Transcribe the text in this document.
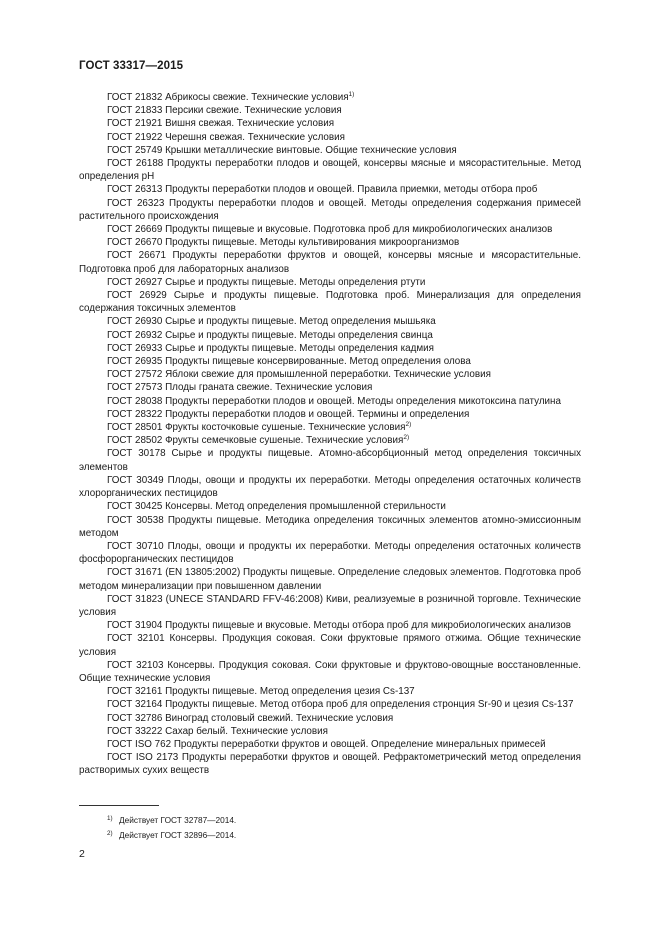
ГОСТ 33317—2015

ГОСТ 21832 Абрикосы свежие. Технические условия$^{1)}$

ГОСТ 21833 Персики свежие. Технические условия

ГОСТ 21921 Вишня свежая. Технические условия

ГОСТ 21922 Черешня свежая. Технические условия

ГОСТ 25749 Крышки металлические винтовые. Общие технические условия

ГОСТ 26188 Продукты переработки плодов и овощей, консервы мясные и мясорастительные. Метод определения рН

ГОСТ 26313 Продукты переработки плодов и овощей. Правила приемки, методы отбора проб

ГОСТ 26323 Продукты переработки плодов и овощей. Методы определения содержания примесей растительного происхождения

ГОСТ 26669 Продукты пищевые и вкусовые. Подготовка проб для микробиологических анализов

ГОСТ 26670 Продукты пищевые. Методы культивирования микроорганизмов

ГОСТ 26671 Продукты переработки фруктов и овощей, консервы мясные и мясорастительные. Подготовка проб для лабораторных анализов

ГОСТ 26927 Сырье и продукты пищевые. Методы определения ртути

ГОСТ 26929 Сырье и продукты пищевые. Подготовка проб. Минерализация для определения содержания токсичных элементов

ГОСТ 26930 Сырье и продукты пищевые. Метод определения мышьяка

ГОСТ 26932 Сырье и продукты пищевые. Методы определения свинца

ГОСТ 26933 Сырье и продукты пищевые. Методы определения кадмия

ГОСТ 26935 Продукты пищевые консервированные. Метод определения олова

ГОСТ 27572 Яблоки свежие для промышленной переработки. Технические условия

ГОСТ 27573 Плоды граната свежие. Технические условия

ГОСТ 28038 Продукты переработки плодов и овощей. Методы определения микотоксина патулина

ГОСТ 28322 Продукты переработки плодов и овощей. Термины и определения

ГОСТ 28501 Фрукты косточковые сушеные. Технические условия$^{2)}$

ГОСТ 28502 Фрукты семечковые сушеные. Технические условия$^{2)}$

ГОСТ 30178 Сырье и продукты пищевые. Атомно-абсорбционный метод определения токсичных элементов

ГОСТ 30349 Плоды, овощи и продукты их переработки. Методы определения остаточных количеств хлорорганических пестицидов

ГОСТ 30425 Консервы. Метод определения промышленной стерильности

ГОСТ 30538 Продукты пищевые. Методика определения токсичных элементов атомно-эмиссионным методом

ГОСТ 30710 Плоды, овощи и продукты их переработки. Методы определения остаточных количеств фосфорорганических пестицидов

ГОСТ 31671 (EN 13805:2002) Продукты пищевые. Определение следовых элементов. Подготовка проб методом минерализации при повышенном давлении

ГОСТ 31823 (UNECE STANDARD FFV-46:2008) Киви, реализуемые в розничной торговле. Технические условия

ГОСТ 31904 Продукты пищевые и вкусовые. Методы отбора проб для микробиологических анализов

ГОСТ 32101 Консервы. Продукция соковая. Соки фруктовые прямого отжима. Общие технические условия

ГОСТ 32103 Консервы. Продукция соковая. Соки фруктовые и фруктово-овощные восстановленные. Общие технические условия

ГОСТ 32161 Продукты пищевые. Метод определения цезия Cs-137

ГОСТ 32164 Продукты пищевые. Метод отбора проб для определения стронция Sr-90 и цезия Cs-137

ГОСТ 32786 Виноград столовый свежий. Технические условия

ГОСТ 33222 Сахар белый. Технические условия

ГОСТ ISO 762 Продукты переработки фруктов и овощей. Определение минеральных примесей

ГОСТ ISO 2173 Продукты переработки фруктов и овощей. Рефрактометрический метод определения растворимых сухих веществ

1) Действует ГОСТ 32787—2014.
2) Действует ГОСТ 32896—2014.
2
